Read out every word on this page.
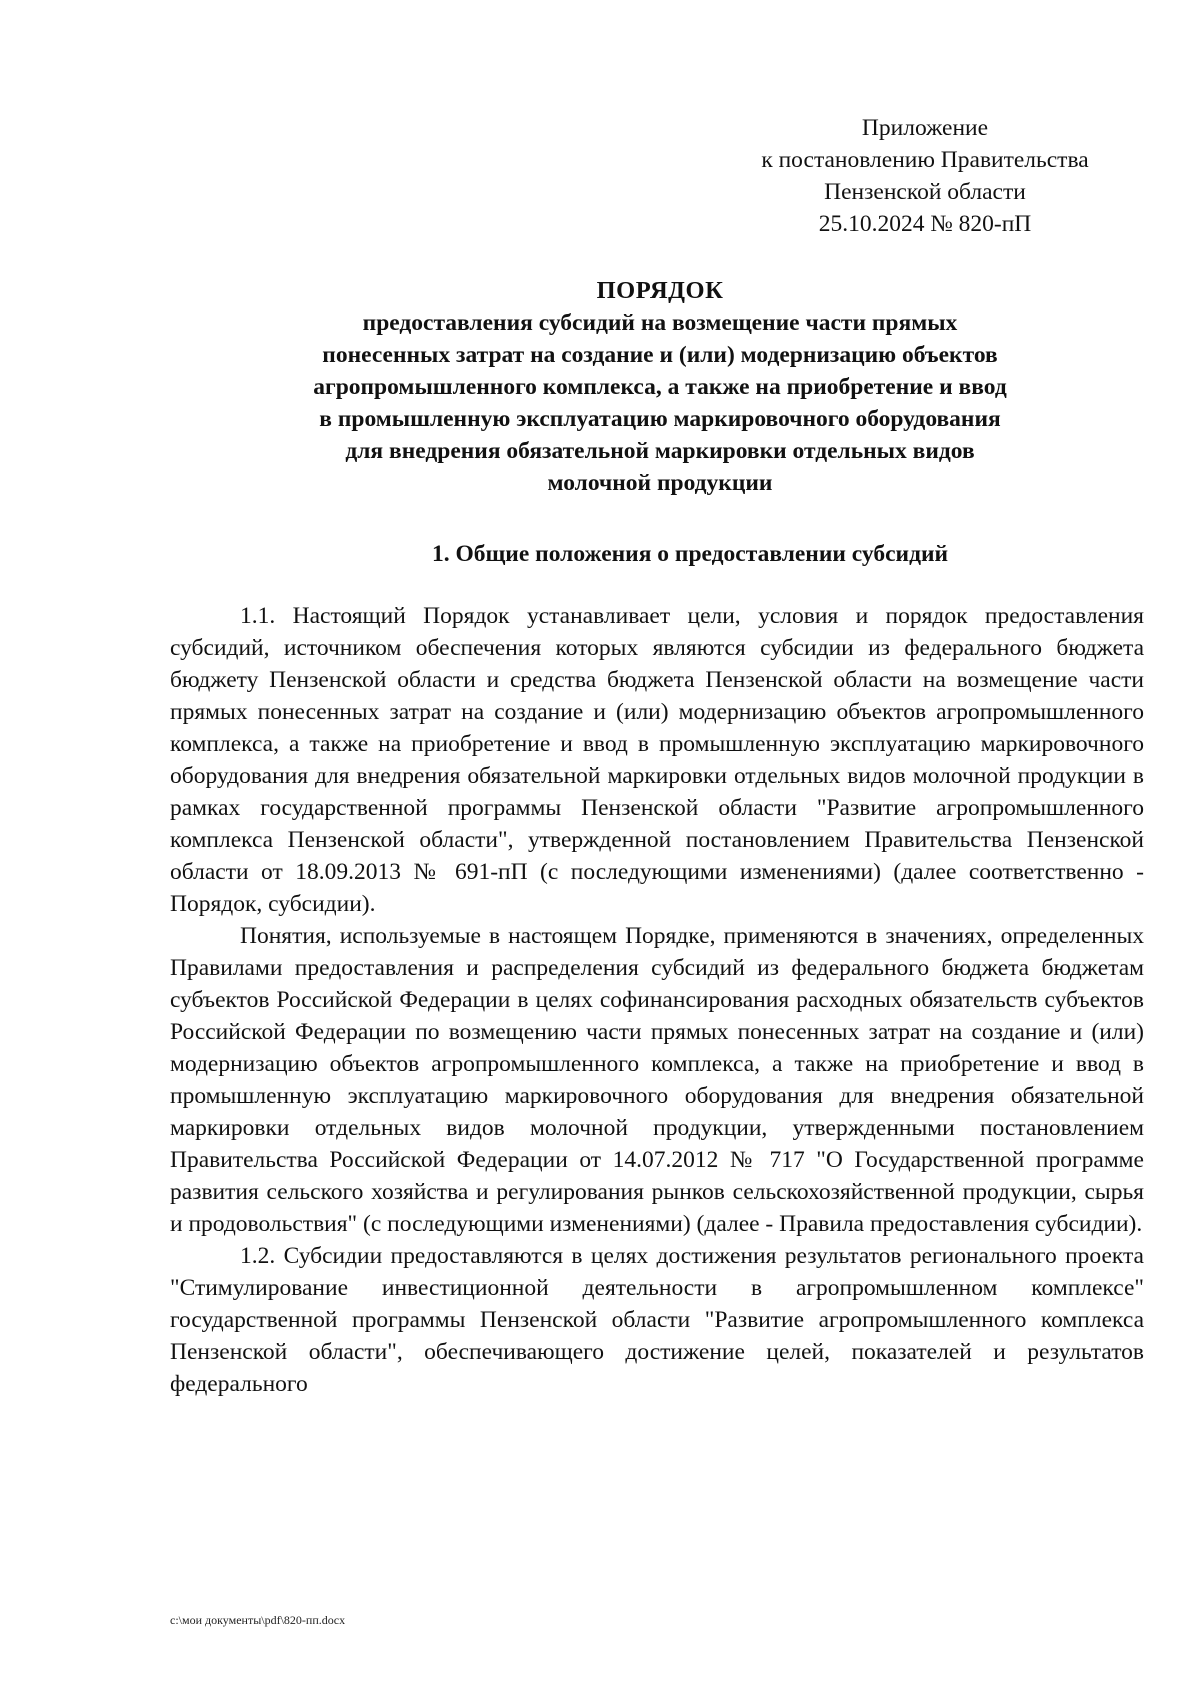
Приложение
к постановлению Правительства
Пензенской области
25.10.2024 № 820-пП
ПОРЯДОК
предоставления субсидий на возмещение части прямых
понесенных затрат на создание и (или) модернизацию объектов
агропромышленного комплекса, а также на приобретение и ввод
в промышленную эксплуатацию маркировочного оборудования
для внедрения обязательной маркировки отдельных видов
молочной продукции
1. Общие положения о предоставлении субсидий

1.1. Настоящий Порядок устанавливает цели, условия и порядок предоставления субсидий, источником обеспечения которых являются субсидии из федерального бюджета бюджету Пензенской области и средства бюджета Пензенской области на возмещение части прямых понесенных затрат на создание и (или) модернизацию объектов агропромышленного комплекса, а также на приобретение и ввод в промышленную эксплуатацию маркировочного оборудования для внедрения обязательной маркировки отдельных видов молочной продукции в рамках государственной программы Пензенской области "Развитие агропромышленного комплекса Пензенской области", утвержденной постановлением Правительства Пензенской области от 18.09.2013 № 691-пП (с последующими изменениями) (далее соответственно - Порядок, субсидии).

Понятия, используемые в настоящем Порядке, применяются в значениях, определенных Правилами предоставления и распределения субсидий из федерального бюджета бюджетам субъектов Российской Федерации в целях софинансирования расходных обязательств субъектов Российской Федерации по возмещению части прямых понесенных затрат на создание и (или) модернизацию объектов агропромышленного комплекса, а также на приобретение и ввод в промышленную эксплуатацию маркировочного оборудования для внедрения обязательной маркировки отдельных видов молочной продукции, утвержденными постановлением Правительства Российской Федерации от 14.07.2012 № 717 "О Государственной программе развития сельского хозяйства и регулирования рынков сельскохозяйственной продукции, сырья и продовольствия" (с последующими изменениями) (далее - Правила предоставления субсидии).

1.2. Субсидии предоставляются в целях достижения результатов регионального проекта "Стимулирование инвестиционной деятельности в агропромышленном комплексе" государственной программы Пензенской области "Развитие агропромышленного комплекса Пензенской области", обеспечивающего достижение целей, показателей и результатов федерального

c:\мои документы\pdf\820-пп.docx
